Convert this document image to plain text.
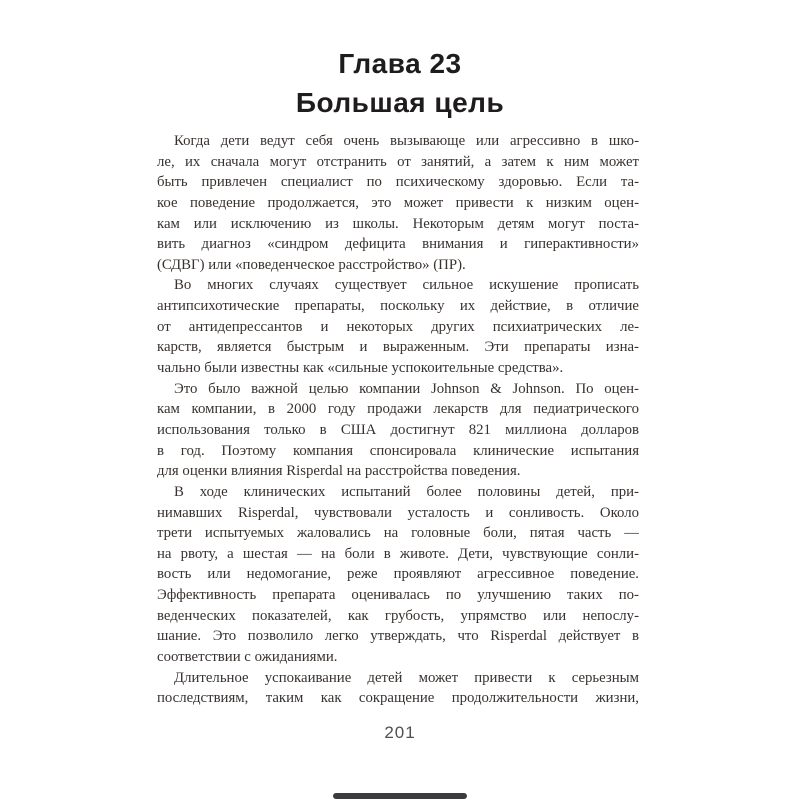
Глава 23
Большая цель
Когда дети ведут себя очень вызывающе или агрессивно в шко-
ле, их сначала могут отстранить от занятий, а затем к ним может
быть привлечен специалист по психическому здоровью. Если та-
кое поведение продолжается, это может привести к низким оцен-
кам или исключению из школы. Некоторым детям могут поста-
вить диагноз «синдром дефицита внимания и гиперактивности»
(СДВГ) или «поведенческое расстройство» (ПР).
Во многих случаях существует сильное искушение прописать
антипсихотические препараты, поскольку их действие, в отличие
от антидепрессантов и некоторых других психиатрических ле-
карств, является быстрым и выраженным. Эти препараты изна-
чально были известны как «сильные успокоительные средства».
Это было важной целью компании Johnson & Johnson. По оцен-
кам компании, в 2000 году продажи лекарств для педиатрического
использования только в США достигнут 821 миллиона долларов
в год. Поэтому компания спонсировала клинические испытания
для оценки влияния Risperdal на расстройства поведения.
В ходе клинических испытаний более половины детей, при-
нимавших Risperdal, чувствовали усталость и сонливость. Около
трети испытуемых жаловались на головные боли, пятая часть —
на рвоту, а шестая — на боли в животе. Дети, чувствующие сонли-
вость или недомогание, реже проявляют агрессивное поведение.
Эффективность препарата оценивалась по улучшению таких по-
веденческих показателей, как грубость, упрямство или непослу-
шание. Это позволило легко утверждать, что Risperdal действует в
соответствии с ожиданиями.
Длительное успокаивание детей может привести к серьезным
последствиям, таким как сокращение продолжительности жизни,
201
